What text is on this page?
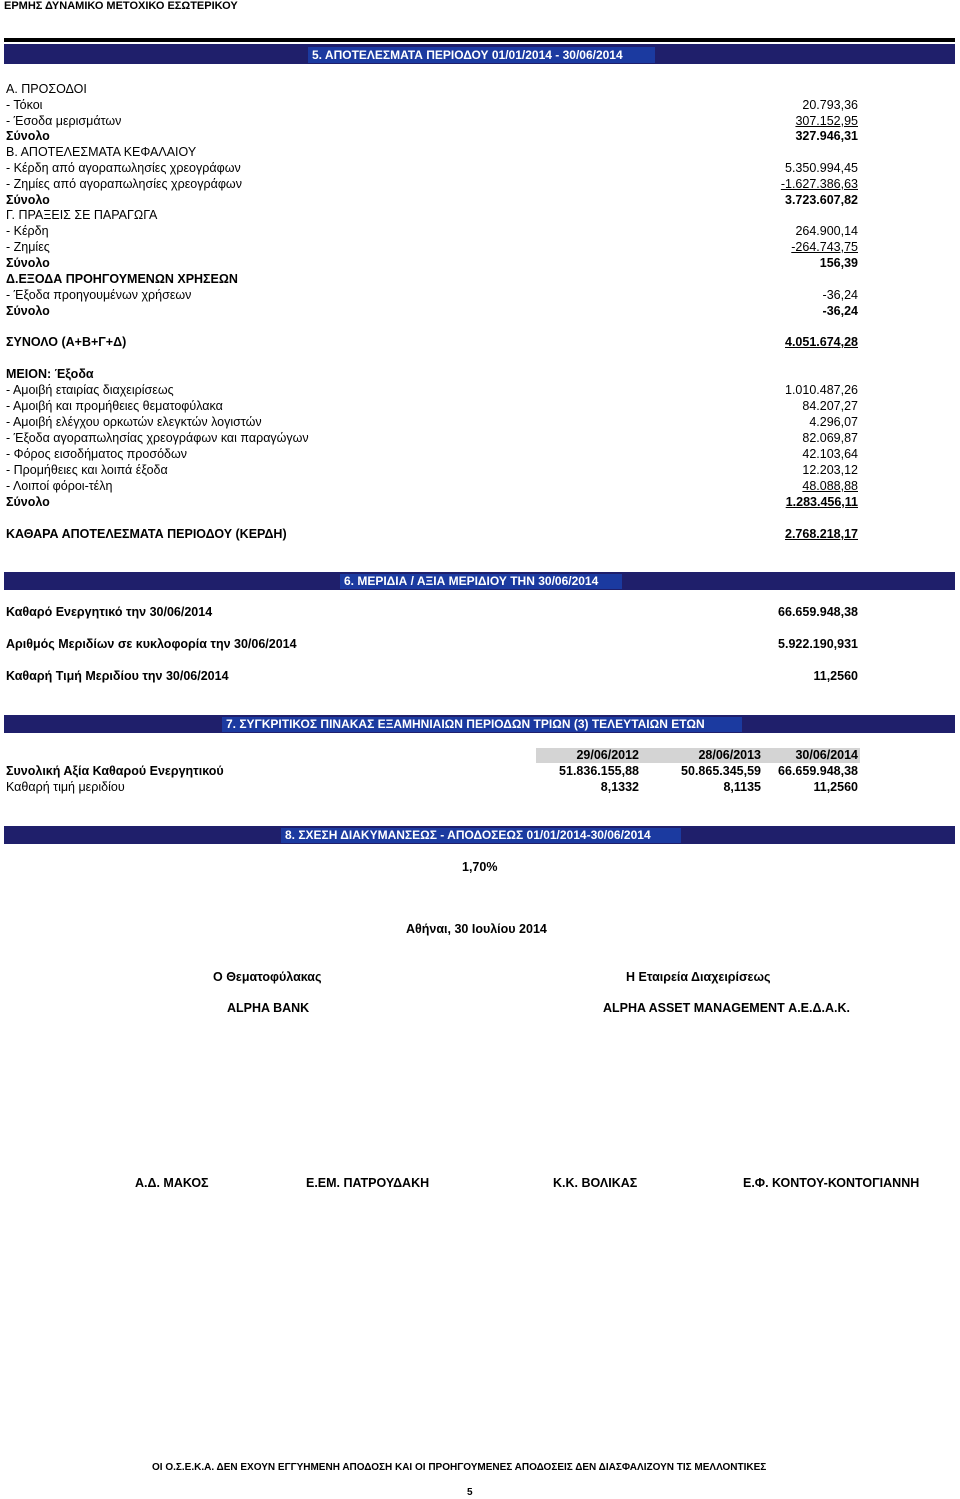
ΕΡΜΗΣ ΔΥΝΑΜΙΚΟ ΜΕΤΟΧΙΚΟ ΕΣΩΤΕΡΙΚΟΥ
5. ΑΠΟΤΕΛΕΣΜΑΤΑ ΠΕΡΙΟΔΟΥ 01/01/2014 - 30/06/2014
Α. ΠΡΟΣΟΔΟΙ
- Τόκοι	20.793,36
- Έσοδα μερισμάτων	307.152,95
Σύνολο	327.946,31
Β. ΑΠΟΤΕΛΕΣΜΑΤΑ ΚΕΦΑΛΑΙΟΥ
- Κέρδη από αγοραπωλησίες χρεογράφων	5.350.994,45
- Ζημίες από αγοραπωλησίες χρεογράφων	-1.627.386,63
Σύνολο	3.723.607,82
Γ. ΠΡΑΞΕΙΣ ΣΕ ΠΑΡΑΓΩΓΑ
- Κέρδη	264.900,14
- Ζημίες	-264.743,75
Σύνολο	156,39
Δ.ΕΞΟΔΑ ΠΡΟΗΓΟΥΜΕΝΩΝ ΧΡΗΣΕΩΝ
- Έξοδα προηγουμένων χρήσεων	-36,24
Σύνολο	-36,24
ΣΥΝΟΛΟ (Α+Β+Γ+Δ)	4.051.674,28
ΜΕΙΟΝ: Έξοδα
- Αμοιβή εταιρίας διαχειρίσεως	1.010.487,26
- Αμοιβή και προμήθειες θεματοφύλακα	84.207,27
- Αμοιβή ελέγχου ορκωτών ελεγκτών λογιστών	4.296,07
- Έξοδα αγοραπωλησίας χρεογράφων και παραγώγων	82.069,87
- Φόρος εισοδήματος προσόδων	42.103,64
- Προμήθειες και λοιπά έξοδα	12.203,12
- Λοιποί φόροι-τέλη	48.088,88
Σύνολο	1.283.456,11
ΚΑΘΑΡΑ ΑΠΟΤΕΛΕΣΜΑΤΑ ΠΕΡΙΟΔΟΥ (ΚΕΡΔΗ)	2.768.218,17
6. ΜΕΡΙΔΙΑ / ΑΞΙΑ ΜΕΡΙΔΙΟΥ ΤΗΝ 30/06/2014
Καθαρό Ενεργητικό την 30/06/2014	66.659.948,38
Αριθμός Μεριδίων σε κυκλοφορία την 30/06/2014	5.922.190,931
Καθαρή Τιμή Μεριδίου την 30/06/2014	11,2560
7. ΣΥΓΚΡΙΤΙΚΟΣ ΠΙΝΑΚΑΣ ΕΞΑΜΗΝΙΑΙΩΝ ΠΕΡΙΟΔΩΝ ΤΡΙΩΝ (3) ΤΕΛΕΥΤΑΙΩΝ ΕΤΩΝ
29/06/2012	28/06/2013	30/06/2014
Συνολική Αξία Καθαρού Ενεργητικού	51.836.155,88	50.865.345,59 66.659.948,38
Καθαρή τιμή μεριδίου	8,1332	8,1135	11,2560
8. ΣΧΕΣΗ ΔΙΑΚΥΜΑΝΣΕΩΣ - ΑΠΟΔΟΣΕΩΣ 01/01/2014-30/06/2014
1,70%
Αθήναι, 30 Ιουλίου 2014
Ο Θεματοφύλακας	Η Εταιρεία Διαχειρίσεως
ALPHA BANK	ALPHA ASSET MANAGEMENT Α.Ε.Δ.Α.Κ.
Α.Δ. ΜΑΚΟΣ	Ε.ΕΜ. ΠΑΤΡΟΥΔΑΚΗ	Κ.Κ. ΒΟΛΙΚΑΣ	Ε.Φ. ΚΟΝΤΟΥ-ΚΟΝΤΟΓΙΑΝΝΗ
ΟΙ Ο.Σ.Ε.Κ.Α. ΔΕΝ ΕΧΟΥΝ ΕΓΓΥΗΜΕΝΗ ΑΠΟΔΟΣΗ ΚΑΙ ΟΙ ΠΡΟΗΓΟΥΜΕΝΕΣ ΑΠΟΔΟΣΕΙΣ ΔΕΝ ΔΙΑΣΦΑΛΙΖΟΥΝ ΤΙΣ ΜΕΛΛΟΝΤΙΚΕΣ
5
